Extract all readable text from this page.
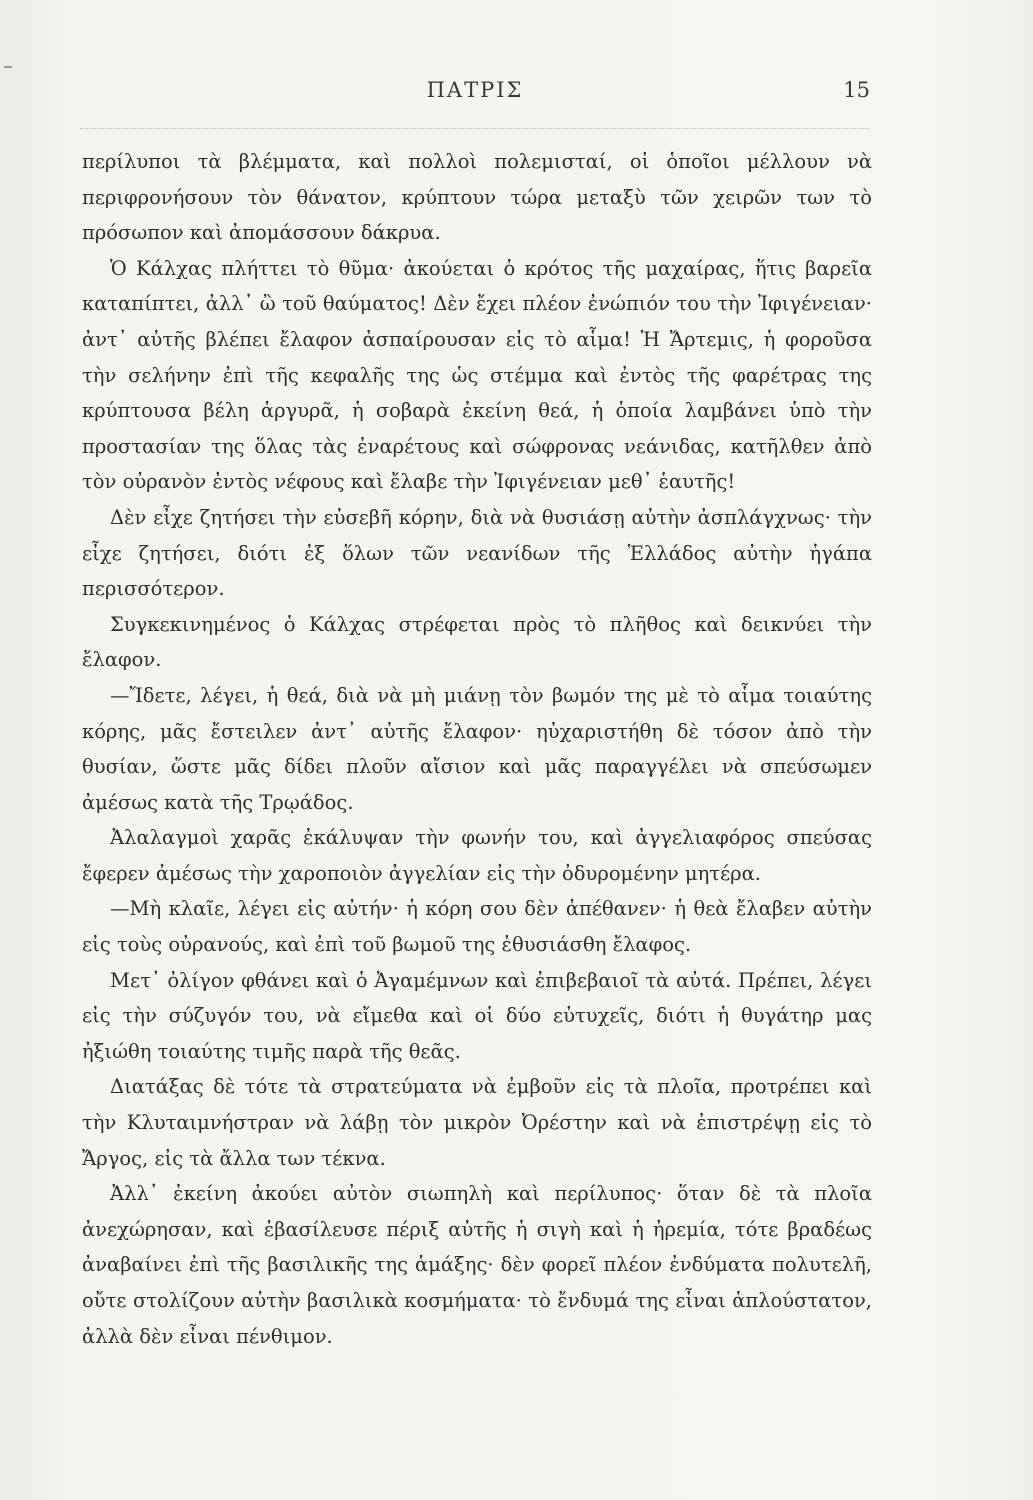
ΠΑΤΡΙΣ	15

περίλυποι τὰ βλέμματα, καὶ πολλοὶ πολεμισταί, οἱ ὁποῖοι μέλλουν νὰ περιφρονήσουν τὸν θάνατον, κρύπτουν τώρα μεταξὺ τῶν χειρῶν των τὸ πρόσωπον καὶ ἀπομάσσουν δάκρυα.

Ὁ Κάλχας πλήττει τὸ θῦμα· ἀκούεται ὁ κρότος τῆς μαχαίρας, ἥτις βαρεῖα καταπίπτει, ἀλλ᾽ ὢ τοῦ θαύματος! Δὲν ἔχει πλέον ἐνώπιόν του τὴν Ἰφιγένειαν· ἀντ᾽ αὐτῆς βλέπει ἔλαφον ἀσπαίρουσαν εἰς τὸ αἷμα! Ἡ Ἄρτεμις, ἡ φοροῦσα τὴν σελήνην ἐπὶ τῆς κεφαλῆς της ὡς στέμμα καὶ ἐντὸς τῆς φαρέτρας της κρύπτουσα βέλη ἀργυρᾶ, ἡ σοβαρὰ ἐκείνη θεά, ἡ ὁποία λαμβάνει ὑπὸ τὴν προστασίαν της ὅλας τὰς ἐναρέτους καὶ σώφρονας νεάνιδας, κατῆλθεν ἀπὸ τὸν οὐρανὸν ἐντὸς νέφους καὶ ἔλαβε τὴν Ἰφιγένειαν μεθ᾽ ἑαυτῆς!

Δὲν εἶχε ζητήσει τὴν εὐσεβῆ κόρην, διὰ νὰ θυσιάσῃ αὐτὴν ἀσπλάγχνως· τὴν εἶχε ζητήσει, διότι ἐξ ὅλων τῶν νεανίδων τῆς Ἑλλάδος αὐτὴν ἠγάπα περισσότερον.

Συγκεκινημένος ὁ Κάλχας στρέφεται πρὸς τὸ πλῆθος καὶ δεικνύει τὴν ἔλαφον.

—Ἴδετε, λέγει, ἡ θεά, διὰ νὰ μὴ μιάνῃ τὸν βωμόν της μὲ τὸ αἷμα τοιαύτης κόρης, μᾶς ἔστειλεν ἀντ᾽ αὐτῆς ἔλαφον· ηὐχαριστήθη δὲ τόσον ἀπὸ τὴν θυσίαν, ὥστε μᾶς δίδει πλοῦν αἴσιον καὶ μᾶς παραγγέλει νὰ σπεύσωμεν ἀμέσως κατὰ τῆς Τρῳάδος.

Ἀλαλαγμοὶ χαρᾶς ἐκάλυψαν τὴν φωνήν του, καὶ ἀγγελιαφόρος σπεύσας ἔφερεν ἀμέσως τὴν χαροποιὸν ἀγγελίαν εἰς τὴν ὀδυρομένην μητέρα.

—Μὴ κλαῖε, λέγει εἰς αὐτήν· ἡ κόρη σου δὲν ἀπέθανεν· ἡ θεὰ ἔλαβεν αὐτὴν εἰς τοὺς οὐρανούς, καὶ ἐπὶ τοῦ βωμοῦ της ἐθυσιάσθη ἔλαφος.

Μετ᾽ ὀλίγον φθάνει καὶ ὁ Ἀγαμέμνων καὶ ἐπιβεβαιοῖ τὰ αὐτά. Πρέπει, λέγει εἰς τὴν σύζυγόν του, νὰ εἴμεθα καὶ οἱ δύο εὐτυχεῖς, διότι ἡ θυγάτηρ μας ἠξιώθη τοιαύτης τιμῆς παρὰ τῆς θεᾶς.

Διατάξας δὲ τότε τὰ στρατεύματα νὰ ἐμβοῦν εἰς τὰ πλοῖα, προτρέπει καὶ τὴν Κλυταιμνήστραν νὰ λάβῃ τὸν μικρὸν Ὀρέστην καὶ νὰ ἐπιστρέψῃ εἰς τὸ Ἄργος, εἰς τὰ ἄλλα των τέκνα.

Ἀλλ᾽ ἐκείνη ἀκούει αὐτὸν σιωπηλὴ καὶ περίλυπος· ὅταν δὲ τὰ πλοῖα ἀνεχώρησαν, καὶ ἐβασίλευσε πέριξ αὐτῆς ἡ σιγὴ καὶ ἡ ἠρεμία, τότε βραδέως ἀναβαίνει ἐπὶ τῆς βασιλικῆς της ἁμάξης· δὲν φορεῖ πλέον ἐνδύματα πολυτελῆ, οὔτε στολίζουν αὐτὴν βασιλικὰ κοσμήματα· τὸ ἔνδυμά της εἶναι ἁπλούστατον, ἀλλὰ δὲν εἶναι πένθιμον.
